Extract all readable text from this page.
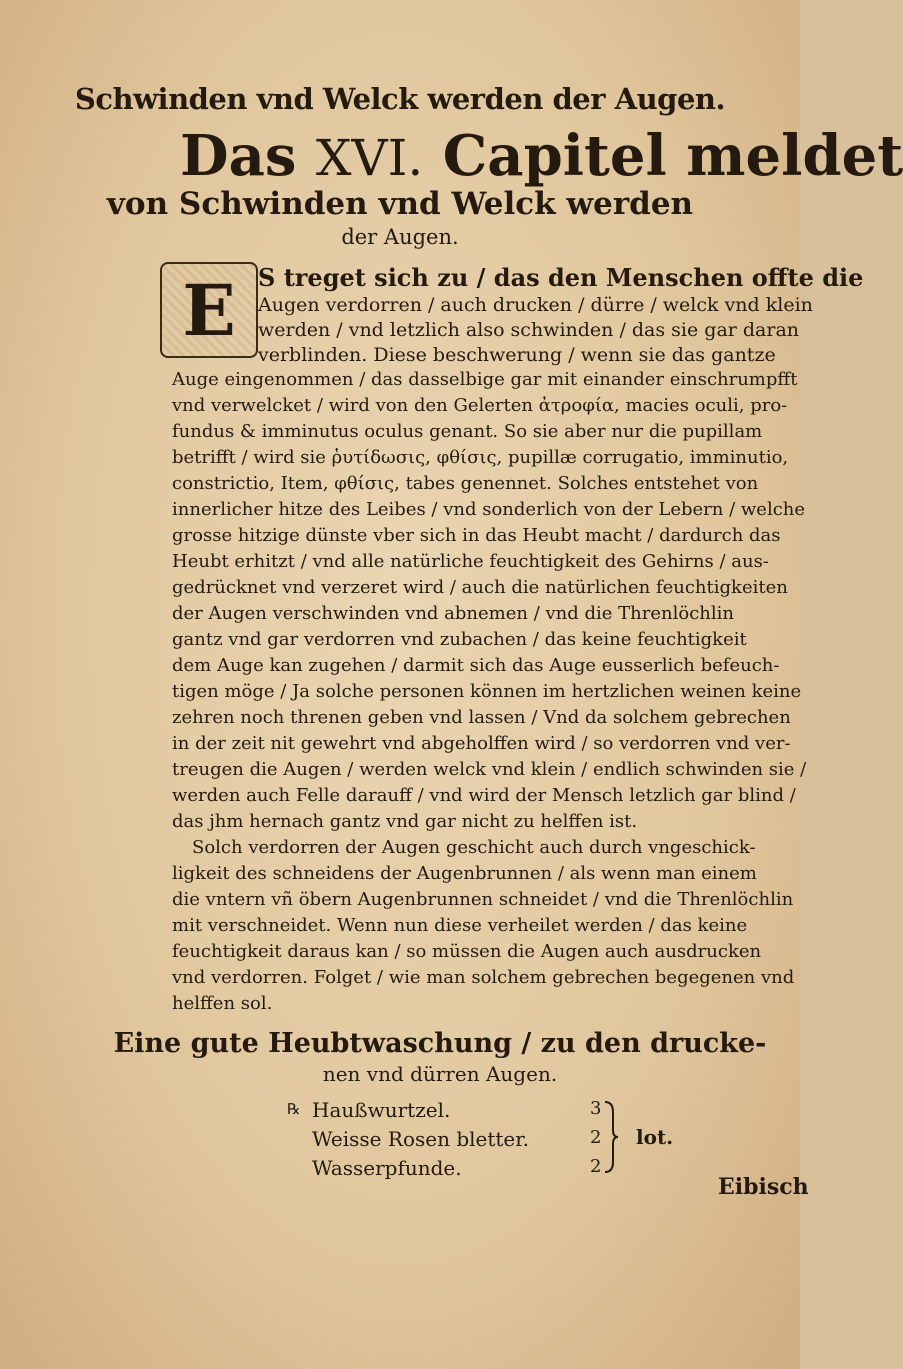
Schwinden vnd Welck werden der Augen.
Das XVI. Capitel meldet
von Schwinden vnd Welck werden
der Augen.
E S treget sich zu / das den Menschen offte die
Augen verdorren / auch drucken / dürre / welck vnd klein
werden / vnd letzlich also schwinden / das sie gar daran
verblinden. Diese beschwerung / wenn sie das gantze
Auge eingenommen / das dasselbige gar mit einander einschrumpfft
vnd verwelcket / wird von den Gelerten ἀτροφία, macies oculi, pro-
fundus & imminutus oculus genant. So sie aber nur die pupillam
betrifft / wird sie ῥυτίδωσις, φθίσις, pupillæ corrugatio, imminutio,
constrictio, Item, φθίσις, tabes genennet. Solches entstehet von
innerlicher hitze des Leibes / vnd sonderlich von der Lebern / welche
grosse hitzige dünste vber sich in das Heubt macht / dardurch das
Heubt erhitzt / vnd alle natürliche feuchtigkeit des Gehirns / aus-
gedrücknet vnd verzeret wird / auch die natürlichen feuchtigkeiten
der Augen verschwinden vnd abnemen / vnd die Threnlöchlin
gantz vnd gar verdorren vnd zubachen / das keine feuchtigkeit
dem Auge kan zugehen / darmit sich das Auge eusserlich befeuch-
tigen möge / Ja solche personen können im hertzlichen weinen keine
zehren noch threnen geben vnd lassen / Vnd da solchem gebrechen
in der zeit nit gewehrt vnd abgeholffen wird / so verdorren vnd ver-
treugen die Augen / werden welck vnd klein / endlich schwinden sie /
werden auch Felle darauff / vnd wird der Mensch letzlich gar blind /
das jhm hernach gantz vnd gar nicht zu helffen ist.
Solch verdorren der Augen geschicht auch durch vngeschick-
ligkeit des schneidens der Augenbrunnen / als wenn man einem
die vntern vñ öbern Augenbrunnen schneidet / vnd die Threnlöchlin
mit verschneidet. Wenn nun diese verheilet werden / das keine
feuchtigkeit daraus kan / so müssen die Augen auch ausdrucken
vnd verdorren. Folget / wie man solchem gebrechen begegenen vnd
helffen sol.
Eine gute Heubtwaschung / zu den drucke-
nen vnd dürren Augen.
℞ Haußwurtzel.
Weisse Rosen bletter.
Wasserpfunde.
3
2
2
lot.
Eibisch
